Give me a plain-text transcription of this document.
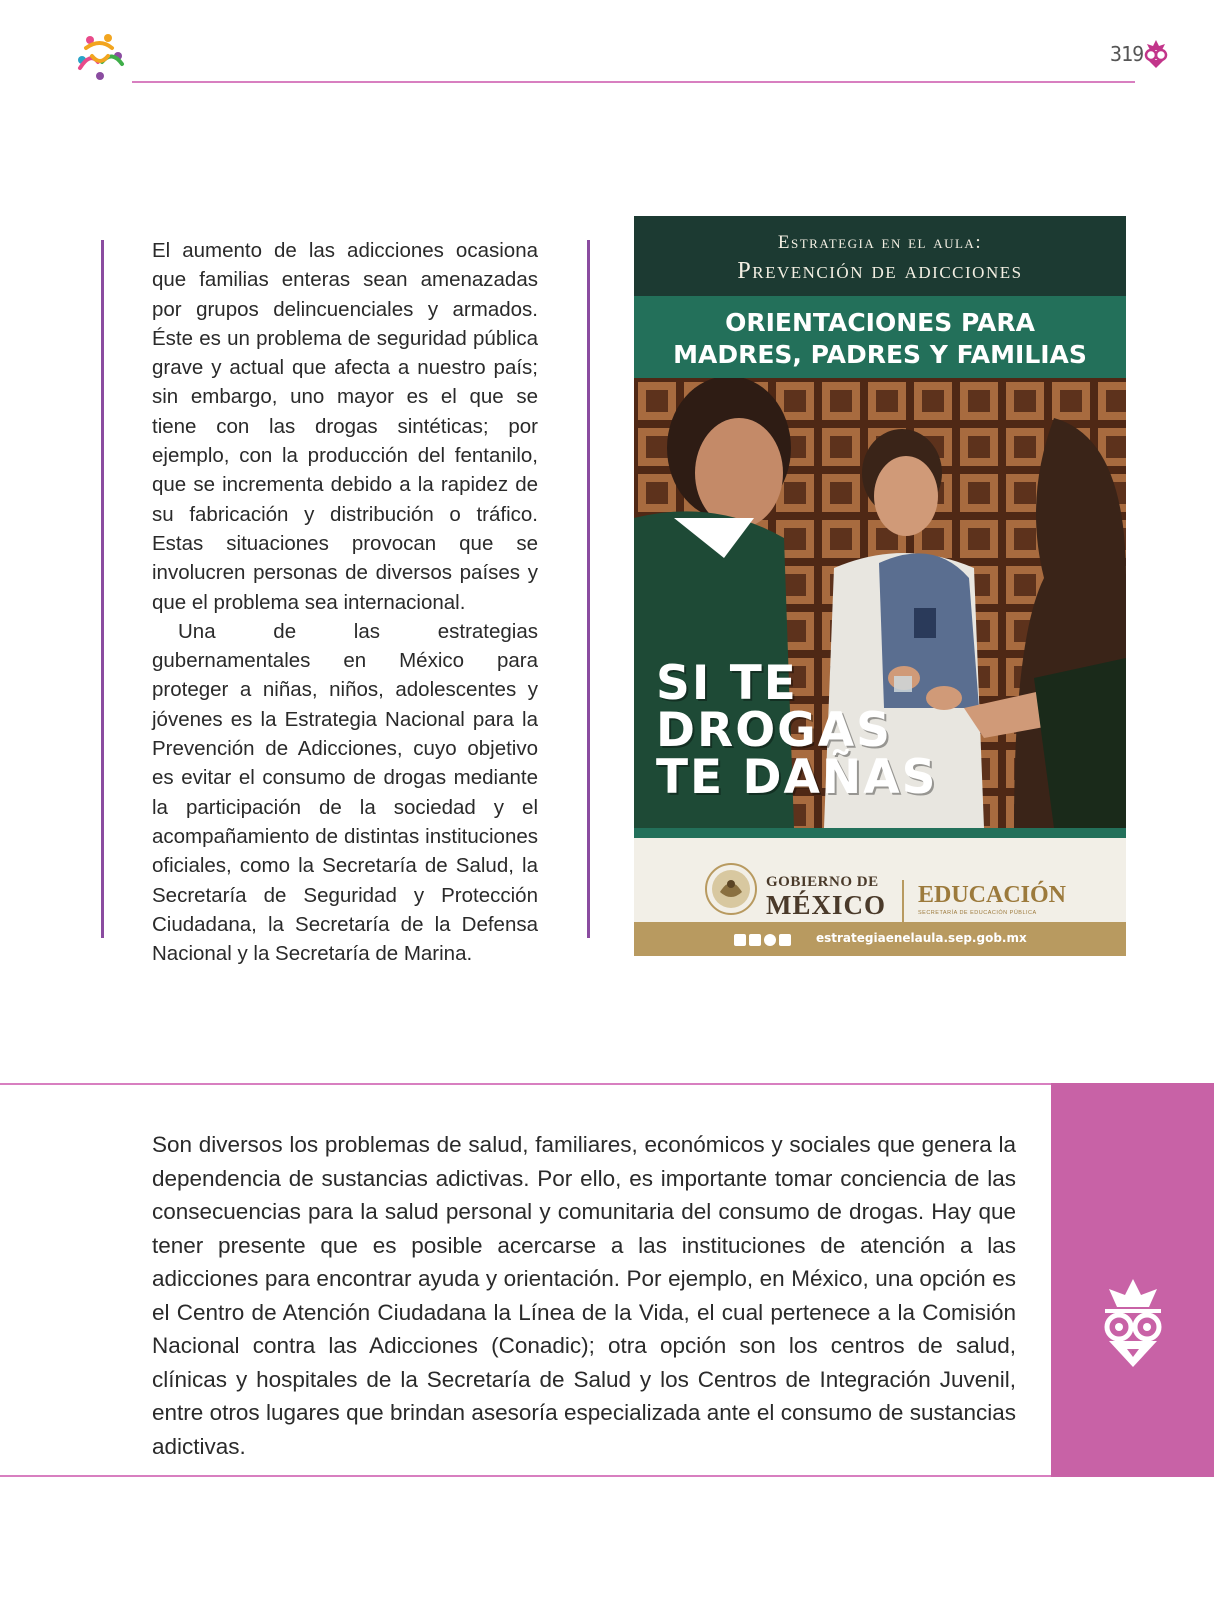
319

El aumento de las adicciones ocasiona que familias enteras sean amenazadas por grupos delincuenciales y armados. Éste es un problema de seguridad pública grave y actual que afecta a nuestro país; sin embargo, uno mayor es el que se tiene con las drogas sintéticas; por ejemplo, con la producción del fentanilo, que se incrementa debido a la rapidez de su fabricación y distribución o tráfico. Estas situaciones provocan que se involucren personas de diversos países y que el problema sea internacional.

Una de las estrategias gubernamentales en México para proteger a niñas, niños, adolescentes y jóvenes es la Estrategia Nacional para la Prevención de Adicciones, cuyo objetivo es evitar el consumo de drogas mediante la participación de la sociedad y el acompañamiento de distintas instituciones oficiales, como la Secretaría de Salud, la Secretaría de Seguridad y Protección Ciudadana, la Secretaría de la Defensa Nacional y la Secretaría de Marina.

Estrategia en el aula:
Prevención de adicciones
ORIENTACIONES PARA
MADRES, PADRES Y FAMILIAS
SI TE
DROGAS
TE DAÑAS
GOBIERNO DE
MÉXICO EDUCACIÓN
SECRETARÍA DE EDUCACIÓN PÚBLICA
estrategiaenelaula.sep.gob.mx

Son diversos los problemas de salud, familiares, económicos y sociales que genera la dependencia de sustancias adictivas. Por ello, es importante tomar conciencia de las consecuencias para la salud personal y comunitaria del consumo de drogas. Hay que tener presente que es posible acercarse a las instituciones de atención a las adicciones para encontrar ayuda y orientación. Por ejemplo, en México, una opción es el Centro de Atención Ciudadana la Línea de la Vida, el cual pertenece a la Comisión Nacional contra las Adicciones (Conadic); otra opción son los centros de salud, clínicas y hospitales de la Secretaría de Salud y los Centros de Integración Juvenil, entre otros lugares que brindan asesoría especializada ante el consumo de sustancias adictivas.
